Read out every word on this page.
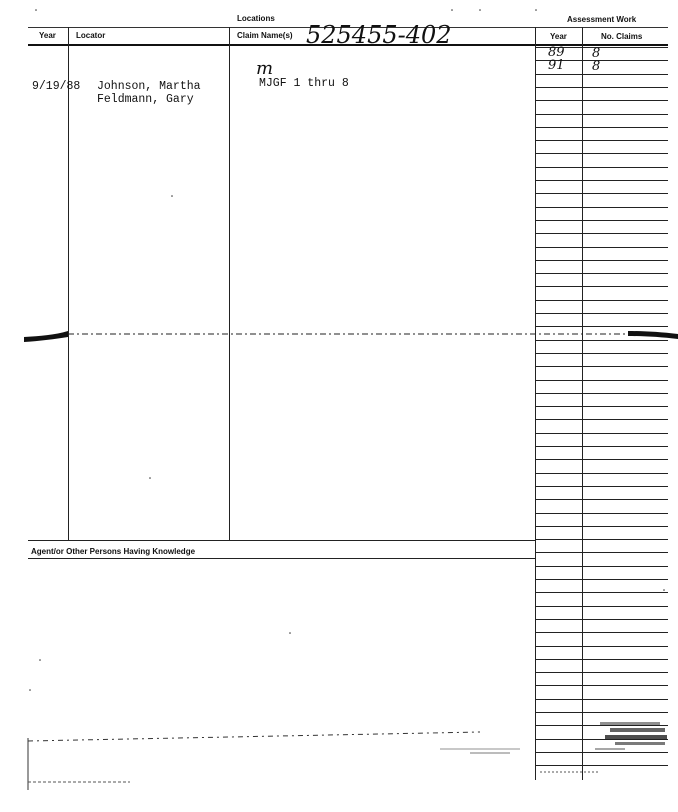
Locations	Assessment Work
Year	Locator	Claim Name(s)	Year	No. Claims
525455-402
9/19/88 Johnson, Martha
Feldmann, Gary
m
MJGF 1 thru 8
89 8
91 8
Agent/or Other Persons Having Knowledge
